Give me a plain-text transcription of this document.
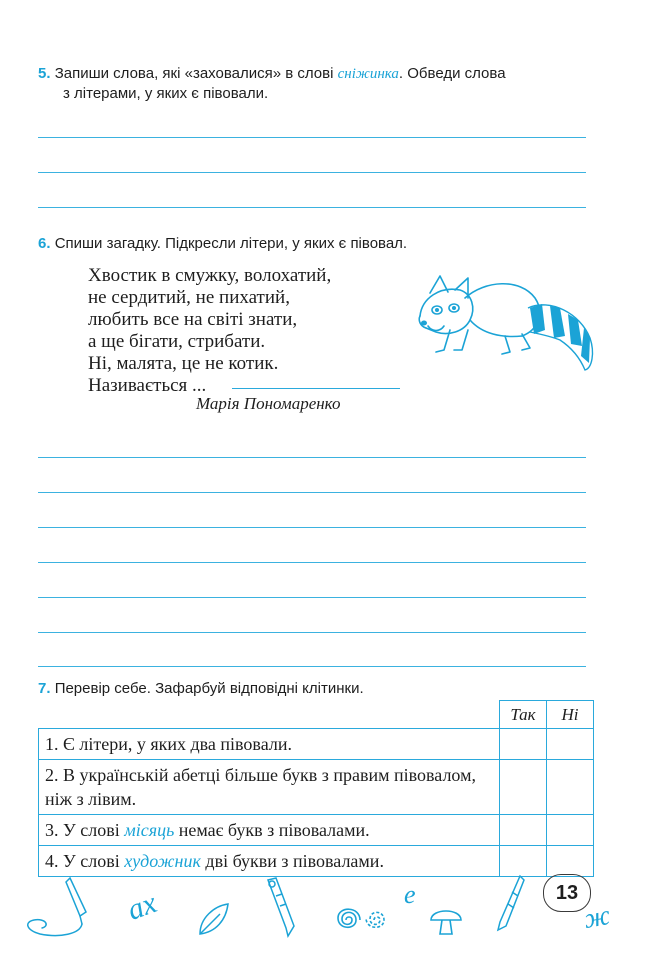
5. Запиши слова, які «заховалися» в слові сніжинка. Обведи слова
з літерами, у яких є півовали.
6. Спиши загадку. Підкресли літери, у яких є півовал.
Хвостик в смужку, волохатий,
не сердитий, не пихатий,
любить все на світі знати,
а ще бігати, стрибати.
Ні, малята, це не котик.
Називається ...
Марія Пономаренко
7. Перевір себе. Зафарбуй відповідні клітинки.
	Так	Ні
1. Є літери, у яких два півовали.		
2. В українській абетці більше букв з правим півовалом, ніж з лівим.		
3. У слові місяць немає букв з півовалами.		
4. У слові художник дві букви з півовалами.		
ах	е	13
ж
